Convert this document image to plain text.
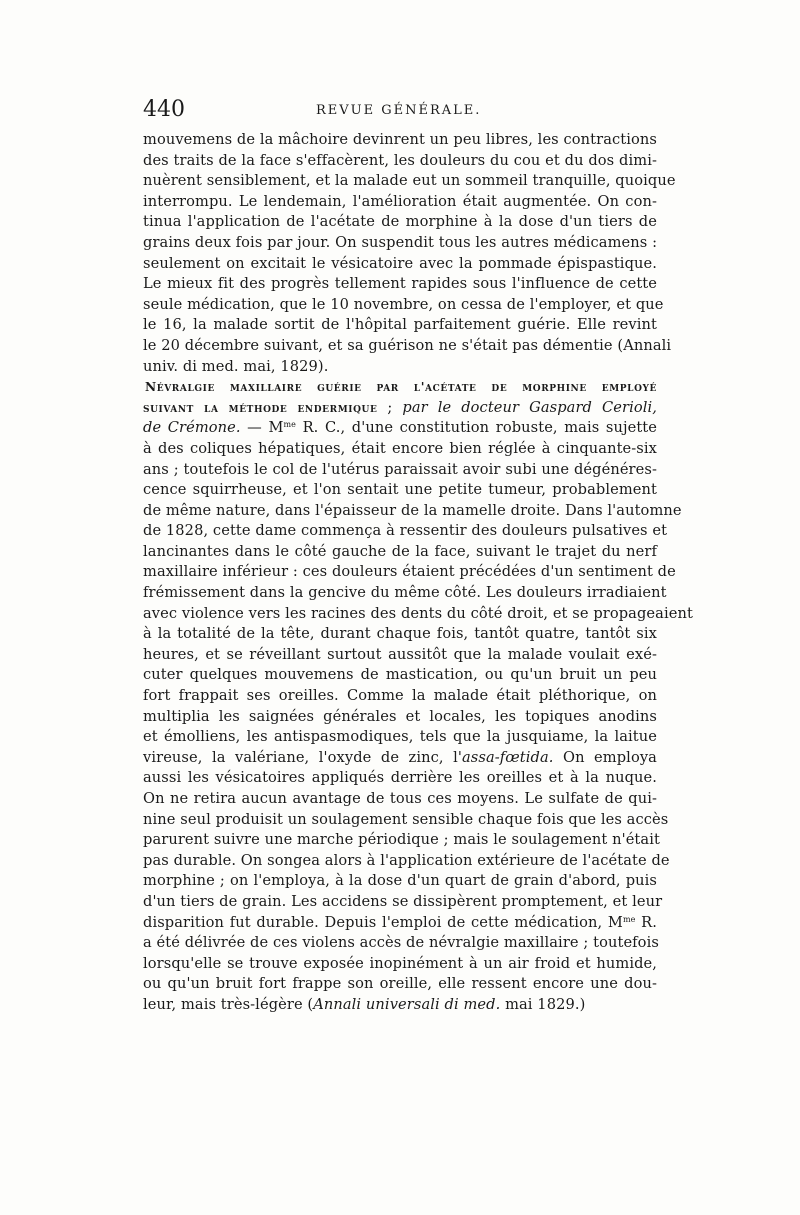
440	REVUE GÉNÉRALE.
mouvemens de la mâchoire devinrent un peu libres, les contractions
des traits de la face s'effacèrent, les douleurs du cou et du dos dimi-
nuèrent sensiblement, et la malade eut un sommeil tranquille, quoique
interrompu. Le lendemain, l'amélioration était augmentée. On con-
tinua l'application de l'acétate de morphine à la dose d'un tiers de
grains deux fois par jour. On suspendit tous les autres médicamens :
seulement on excitait le vésicatoire avec la pommade épispastique.
Le mieux fit des progrès tellement rapides sous l'influence de cette
seule médication, que le 10 novembre, on cessa de l'employer, et que
le 16, la malade sortit de l'hôpital parfaitement guérie. Elle revint
le 20 décembre suivant, et sa guérison ne s'était pas démentie (Annali
univ. di med. mai, 1829).
Névralgie maxillaire guérie par l'acétate de morphine employé
suivant la méthode endermique ; par le docteur Gaspard Cerioli,
de Crémone. — $M^{me}$ R. C., d'une constitution robuste, mais sujette
à des coliques hépatiques, était encore bien réglée à cinquante-six
ans ; toutefois le col de l'utérus paraissait avoir subi une dégénéres-
cence squirrheuse, et l'on sentait une petite tumeur, probablement
de même nature, dans l'épaisseur de la mamelle droite. Dans l'automne
de 1828, cette dame commença à ressentir des douleurs pulsatives et
lancinantes dans le côté gauche de la face, suivant le trajet du nerf
maxillaire inférieur : ces douleurs étaient précédées d'un sentiment de
frémissement dans la gencive du même côté. Les douleurs irradiaient
avec violence vers les racines des dents du côté droit, et se propageaient
à la totalité de la tête, durant chaque fois, tantôt quatre, tantôt six
heures, et se réveillant surtout aussitôt que la malade voulait exé-
cuter quelques mouvemens de mastication, ou qu'un bruit un peu
fort frappait ses oreilles. Comme la malade était pléthorique, on
multiplia les saignées générales et locales, les topiques anodins
et émolliens, les antispasmodiques, tels que la jusquiame, la laitue
vireuse, la valériane, l'oxyde de zinc, l'assa-fœtida. On employa
aussi les vésicatoires appliqués derrière les oreilles et à la nuque.
On ne retira aucun avantage de tous ces moyens. Le sulfate de qui-
nine seul produisit un soulagement sensible chaque fois que les accès
parurent suivre une marche périodique ; mais le soulagement n'était
pas durable. On songea alors à l'application extérieure de l'acétate de
morphine ; on l'employa, à la dose d'un quart de grain d'abord, puis
d'un tiers de grain. Les accidens se dissipèrent promptement, et leur
disparition fut durable. Depuis l'emploi de cette médication, $M^{me}$ R.
a été délivrée de ces violens accès de névralgie maxillaire ; toutefois
lorsqu'elle se trouve exposée inopinément à un air froid et humide,
ou qu'un bruit fort frappe son oreille, elle ressent encore une dou-
leur, mais très-légère (Annali universali di med. mai 1829.)
